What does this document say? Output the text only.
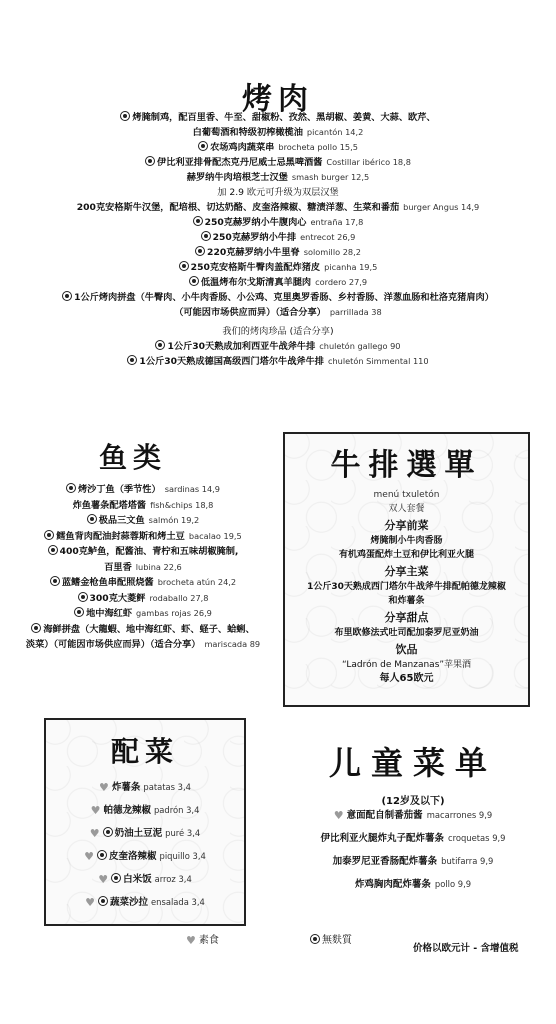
烤肉
烤腌制鸡，配百里香、牛至、甜椒粉、孜然、黑胡椒、姜黄、大蒜、欧芹、
白葡萄酒和特级初榨橄榄油 picantón 14,2
农场鸡肉蔬菜串 brocheta pollo 15,5
伊比利亚排骨配杰克丹尼威士忌黑啤酒酱 Costillar ibérico 18,8
赫罗纳牛肉培根芝士汉堡 smash burger 12,5
加 2.9 欧元可升级为双层汉堡
200克安格斯牛汉堡，配培根、切达奶酪、皮奎洛辣椒、糖渍洋葱、生菜和番茄 burger Angus 14,9
250克赫罗纳小牛腹肉心 entraña 17,8
250克赫罗纳小牛排 entrecot 26,9
220克赫罗纳小牛里脊 solomillo 28,2
250克安格斯牛臀肉盖配炸猪皮 picanha 19,5
低温烤布尔戈斯清真羊腿肉 cordero 27,9
1公斤烤肉拼盘（牛臀肉、小牛肉香肠、小公鸡、克里奥罗香肠、乡村香肠、洋葱血肠和杜洛克猪肩肉）
（可能因市场供应而异）（适合分享） parrillada 38
我们的烤肉珍品 (适合分享)
1公斤30天熟成加利西亚牛战斧牛排 chuletón gallego 90
1公斤30天熟成德国高级西门塔尔牛战斧牛排 chuletón Simmental 110
鱼类
烤沙丁鱼（季节性） sardinas 14,9
炸鱼薯条配塔塔酱 fish&chips 18,8
极品三文鱼 salmón 19,2
鳕鱼背肉配油封蒜蓉斯和烤土豆 bacalao 19,5
400克鲈鱼，配酱油、青柠和五味胡椒腌制,
百里香 lubina 22,6
蓝鳍金枪鱼串配照烧酱 brocheta atún 24,2
300克大菱鲆 rodaballo 27,8
地中海红虾 gambas rojas 26,9
海鲜拼盘（大龍蝦、地中海红虾、虾、蛏子、蛤蜊、
淡菜）（可能因市场供应而异）（适合分享） mariscada 89
牛排選單
menú txuletón
双人套餐
分享前菜
烤腌制小牛肉香肠
有机鸡蛋配炸土豆和伊比利亚火腿
分享主菜
1公斤30天熟成西门塔尔牛战斧牛排配帕德龙辣椒
和炸薯条
分享甜点
布里欧修法式吐司配加泰罗尼亚奶油
饮品
“Ladrón de Manzanas”苹果酒
每人65欧元
配菜
♥ 炸薯条 patatas 3,4
♥ 帕德龙辣椒 padrón 3,4
♥ 奶油土豆泥 puré 3,4
♥ 皮奎洛辣椒 piquillo 3,4
♥ 白米饭 arroz 3,4
♥ 蔬菜沙拉 ensalada 3,4
儿童菜单
(12岁及以下)
♥ 意面配自制番茄酱 macarrones 9,9
伊比利亚火腿炸丸子配炸薯条 croquetas 9,9
加泰罗尼亚香肠配炸薯条 butifarra 9,9
炸鸡胸肉配炸薯条 pollo 9,9
♥ 素食	無麩質
价格以欧元计 - 含增值税
